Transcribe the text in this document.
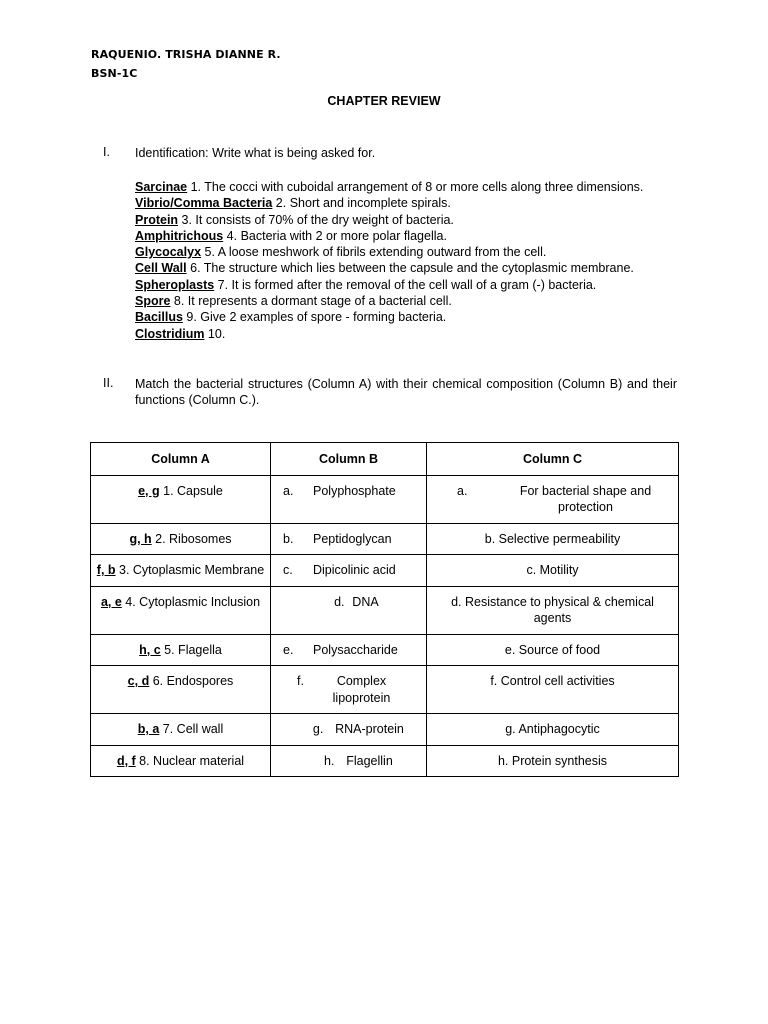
RAQUENIO. TRISHA DIANNE R.
BSN-1C
CHAPTER REVIEW
I. Identification: Write what is being asked for.
Sarcinae 1. The cocci with cuboidal arrangement of 8 or more cells along three dimensions.
Vibrio/Comma Bacteria 2. Short and incomplete spirals.
Protein 3. It consists of 70% of the dry weight of bacteria.
Amphitrichous 4. Bacteria with 2 or more polar flagella.
Glycocalyx 5. A loose meshwork of fibrils extending outward from the cell.
Cell Wall 6. The structure which lies between the capsule and the cytoplasmic membrane.
Spheroplasts 7. It is formed after the removal of the cell wall of a gram (-) bacteria.
Spore 8. It represents a dormant stage of a bacterial cell.
Bacillus 9. Give 2 examples of spore - forming bacteria.
Clostridium 10.
II. Match the bacterial structures (Column A) with their chemical composition (Column B) and their functions (Column C.).
Column A	Column B	Column C
e, g 1. Capsule	a. Polyphosphate	a. For bacterial shape and protection

g, h 2. Ribosomes	b. Peptidoglycan	b. Selective permeability
f, b 3. Cytoplasmic Membrane	c. Dipicolinic acid	c. Motility
a, e 4. Cytoplasmic Inclusion	d. DNA	d. Resistance to physical & chemical agents
h, c 5. Flagella	e. Polysaccharide	e. Source of food
c, d 6. Endospores	f. Complex lipoprotein	f. Control cell activities
b, a 7. Cell wall	g. RNA-protein	g. Antiphagocytic
d, f 8. Nuclear material	h. Flagellin	h. Protein synthesis
